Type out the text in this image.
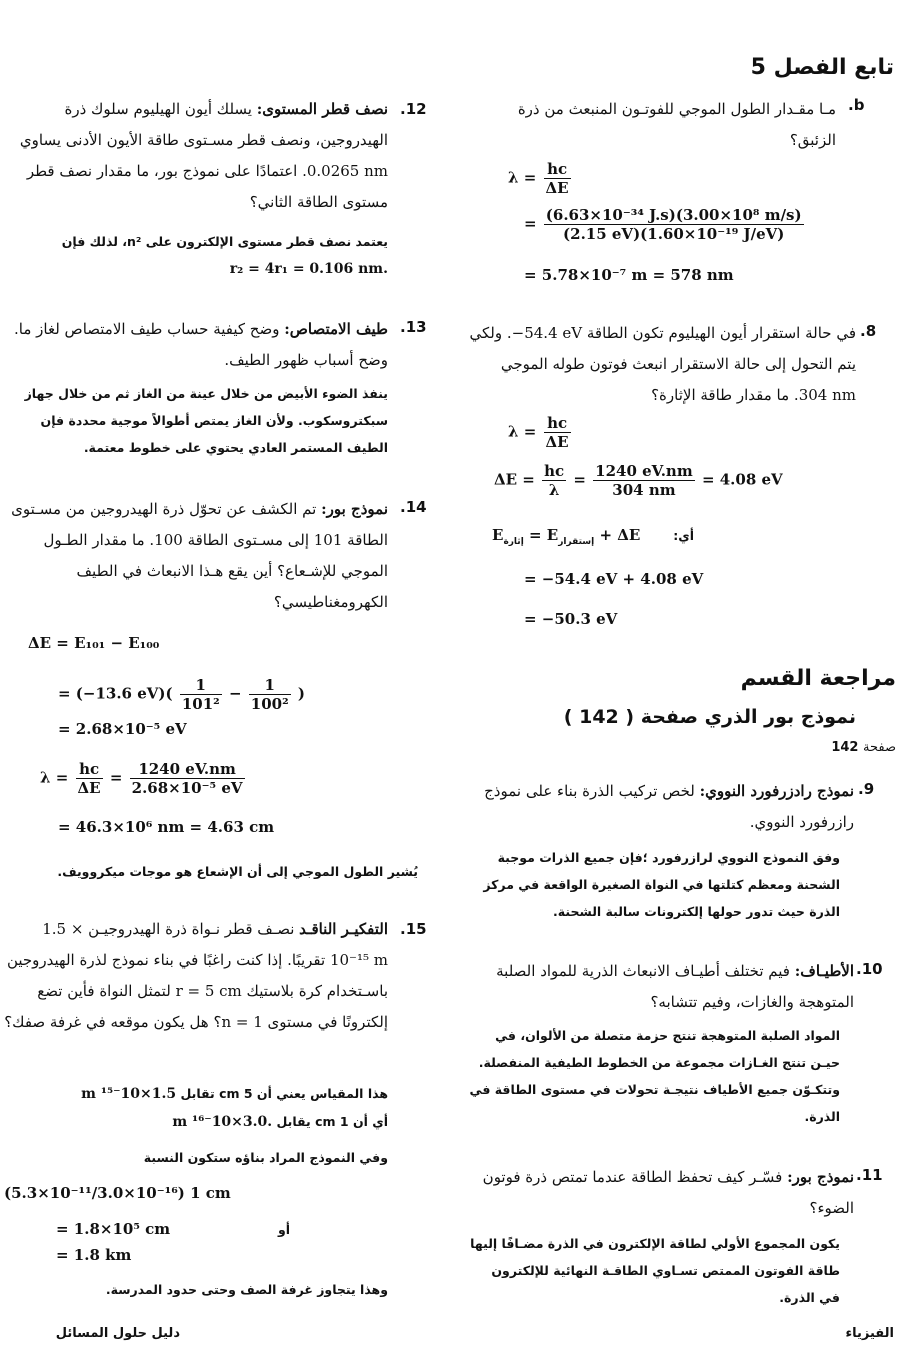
تابع الفصل 5
.b
مـا مقـدار الطول الموجي للفوتـون المنبعث من ذرة الزئبق؟
$\lambda = \frac{hc}{\Delta E}$
= $\frac{\text{(6.63×10⁻³⁴ J.s)(3.00×10⁸ m/s)}}{\text{(2.15 eV)(1.60×10⁻¹⁹ J/eV)}}$
= 5.78×10⁻⁷ m = 578 nm
.8
في حالة استقرار أيون الهيليوم تكون الطاقة ‎−54.4 eV‏. ولكي يتم التحول إلى حالة الاستقرار انبعث فوتون طوله الموجي ‎304 nm‏. ما مقدار طاقة الإثارة؟
$\lambda = \frac{hc}{\Delta E}$
$\Delta E = \frac{hc}{\lambda} = \frac{1240 eV.nm}{304 nm} = 4.08$ eV
$E_{إثارة} = E_{إستقرار} + \Delta E$	أي:
= −54.4 eV + 4.08 eV
= −50.3 eV
مراجعة القسم
نموذج بور الذري صفحة ( 142 )
صفحة 142
.9
نموذج رادزرفورد النووي: لخص تركيب الذرة بناء على نموذج رازرفورد النووي.
وفق النموذج النووي لرازرفورد ؛فإن جميع الذرات موجبة الشحنة ومعظم كتلتها في النواة الصغيرة الواقعة في مركز الذرة حيث تدور حولها إلكترونات سالبة الشحنة.
.10
الأطيـاف: فيم تختلف أطيـاف الانبعاث الذرية للمواد الصلبة المتوهجة والغازات، وفيم تتشابه؟
المواد الصلبة المتوهجة تنتج حزمة متصلة من الألوان، في حيـن تنتج الغـازات مجموعة من الخطوط الطيفية المنفصلة. وتتكـوّن جميع الأطياف نتيجـة تحولات في مستوى الطاقة في الذرة.
.11
نموذج بور: فسّـر كيف تحفظ الطاقة عندما تمتص ذرة فوتون الضوء؟
يكون المجموع الأولي لطاقة الإلكترون في الذرة مضـافًا إليها طاقة الفوتون الممتص تسـاوي الطاقـة النهائية للإلكترون في الذرة.
.12
نصف قطر المستوى: يسلك أيون الهيليوم سلوك ذرة الهيدروجين، ونصف قطر مسـتوى طاقة الأيون الأدنى يساوي ‎0.0265 nm‏. اعتمادًا على نموذج بور، ما مقدار نصف قطر مستوى الطاقة الثاني؟
يعتمد نصف قطر مستوى الإلكترون على n²، لذلك فإن
.r₂ = 4r₁ = 0.106 nm
.13
طيف الامتصاص: وضح كيفية حساب طيف الامتصاص لغاز ما. وضح أسباب ظهور الطيف.
ينفذ الضوء الأبيض من خلال عينة من الغاز ثم من خلال جهاز سبكتروسكوب. ولأن الغاز يمتص أطوالاً موجية محددة فإن الطيف المستمر العادي يحتوي على خطوط معتمة.
.14
نموذج بور: تم الكشف عن تحوّل ذرة الهيدروجين من مسـتوى الطاقة 101 إلى مسـتوى الطاقة 100. ما مقدار الطـول الموجي للإشـعاع؟ أين يقع هـذا الانبعاث في الطيف الكهرومغناطيسي؟
ΔE = E₁₀₁ − E₁₀₀
= (−13.6 $eV)( \frac{1}{\text{101²}} - \frac{1}{\text{100²}}$ )
= 2.68×10⁻⁵ eV
$\lambda = \frac{hc}{\Delta E} = \frac{1240 eV.nm}{\text{2.68×10⁻⁵ eV}}$
= 46.3×10⁶ nm = 4.63 cm
يُشير الطول الموجي إلى أن الإشعاع هو موجات ميكروويف.
.15
التفكيـر الناقـد نصـف قطر نـواة ذرة الهيدروجيـن ‎1.5 × 10⁻¹⁵ m‏ تقريبًا. إذا كنت راغبًا في بناء نموذج لذرة الهيدروجين باسـتخدام كرة بلاستيك ‎r = 5 cm‏ لتمثل النواة فأين تضع إلكترونًا في مستوى ‎n = 1‏؟ هل يكون موقعه في غرفة صفك؟
هذا المقياس يعني أن 5 cm تقابل 1.5×10⁻¹⁵ m
أي أن 1 cm يقابل .3.0×10⁻¹⁶ m
وفي النموذج المراد بناؤه ستكون النسبة
(5.3×10⁻¹¹/3.0×10⁻¹⁶) 1 cm
= 1.8×10⁵ cm	أو
= 1.8 km
وهذا يتجاوز غرفة الصف وحتى حدود المدرسة.
دليل حلول المسائل	الفيزياء
